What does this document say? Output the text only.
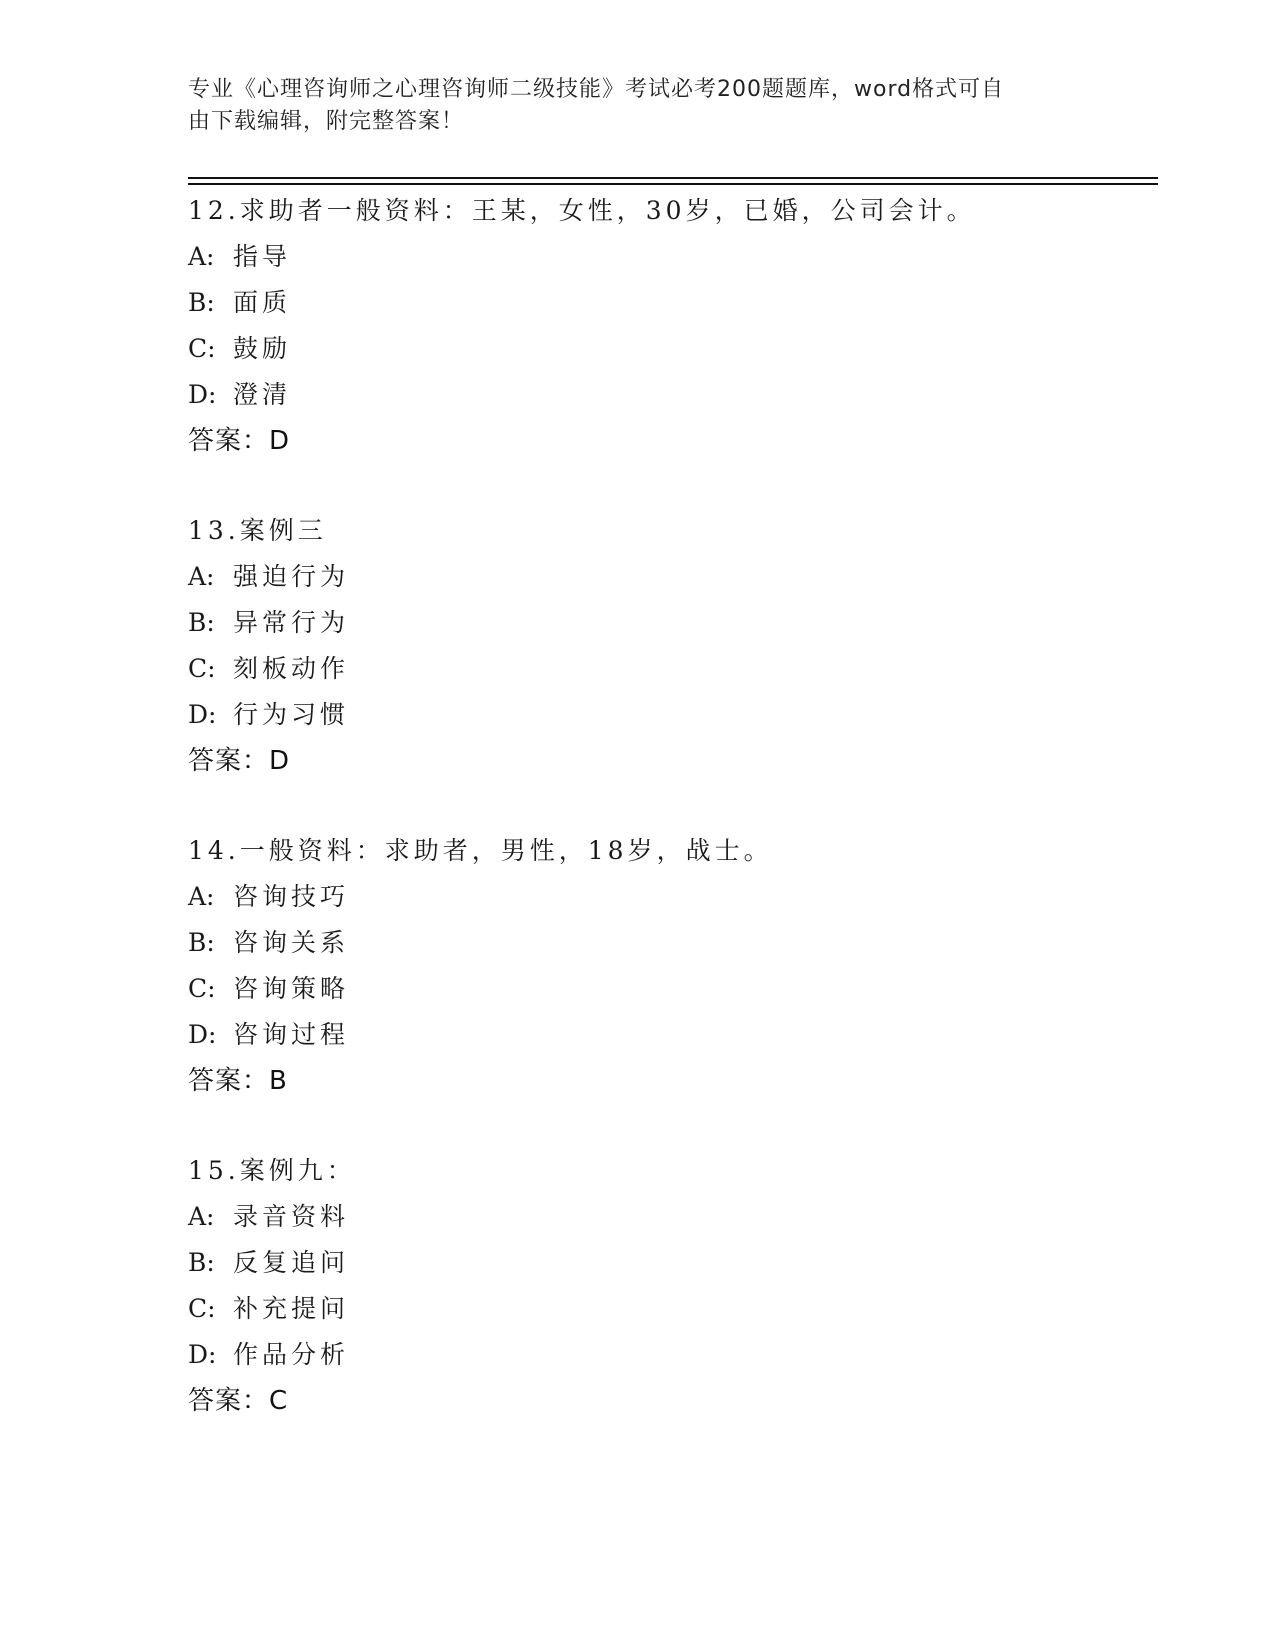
专业《心理咨询师之心理咨询师二级技能》考试必考200题题库，word格式可自
由下载编辑，附完整答案！
12.求助者一般资料：王某，女性，30岁，已婚，公司会计。
A: 指导
B: 面质
C: 鼓励
D: 澄清
答案：D
13.案例三
A: 强迫行为
B: 异常行为
C: 刻板动作
D: 行为习惯
答案：D
14.一般资料：求助者，男性，18岁，战士。
A: 咨询技巧
B: 咨询关系
C: 咨询策略
D: 咨询过程
答案：B
15.案例九：
A: 录音资料
B: 反复追问
C: 补充提问
D: 作品分析
答案：C
